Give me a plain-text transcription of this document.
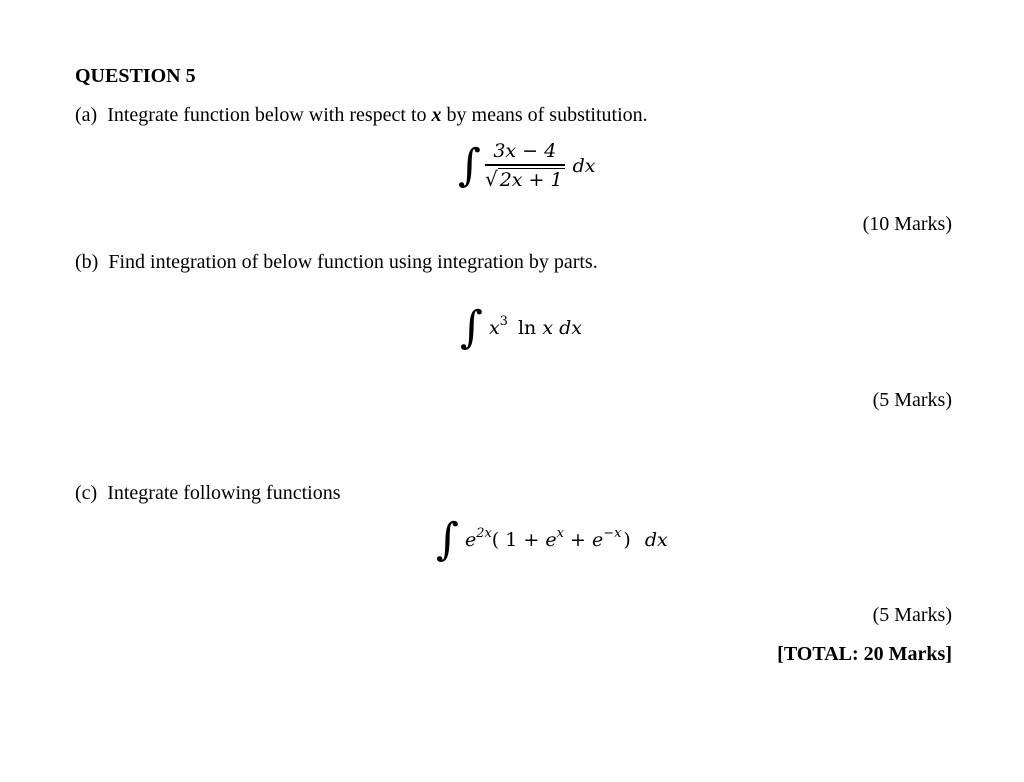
QUESTION 5
(a) Integrate function below with respect to x by means of substitution.
∫ $\frac{3x - 4}{√ 2x + 1}$ dx
(10 Marks)
(b) Find integration of below function using integration by parts.
∫ $x^3$ ln x dx
(5 Marks)
(c) Integrate following functions
∫ $e^{2x}$( $1 + e^x + e^{-x}$ ) dx
(5 Marks)
[TOTAL: 20 Marks]
